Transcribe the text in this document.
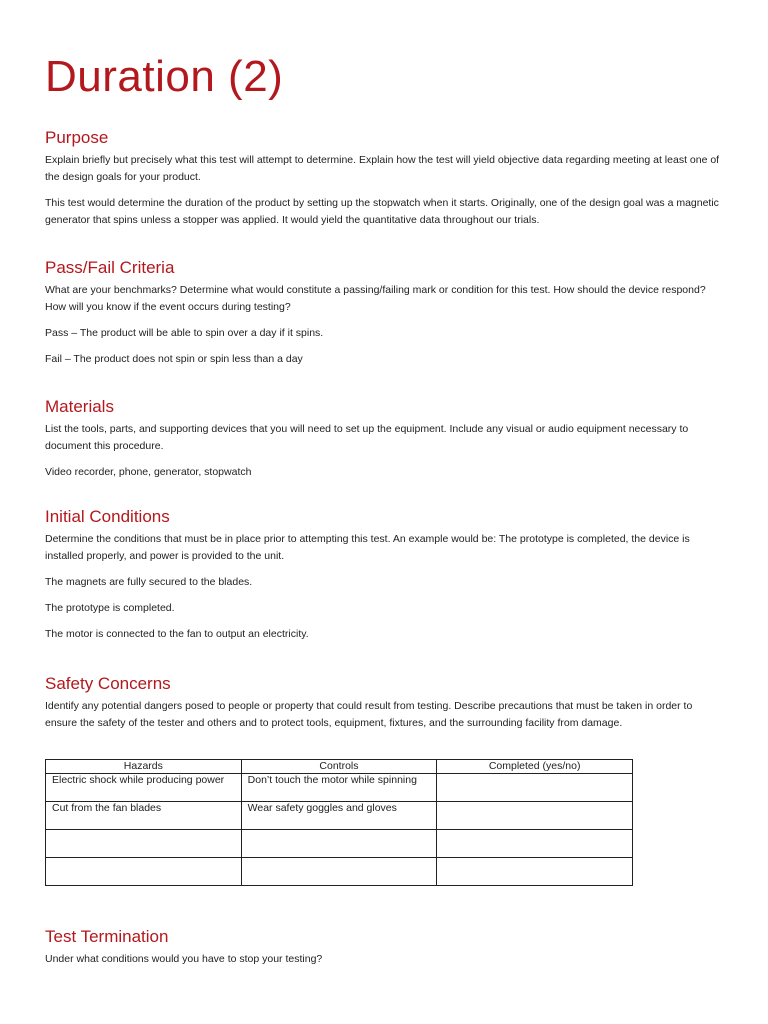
Duration (2)
Purpose

Explain briefly but precisely what this test will attempt to determine. Explain how the test will yield objective data regarding meeting at least one of the design goals for your product.

This test would determine the duration of the product by setting up the stopwatch when it starts. Originally, one of the design goal was a magnetic generator that spins unless a stopper was applied. It would yield the quantitative data throughout our trials.

Pass/Fail Criteria

What are your benchmarks? Determine what would constitute a passing/failing mark or condition for this test. How should the device respond? How will you know if the event occurs during testing?

Pass – The product will be able to spin over a day if it spins.

Fail – The product does not spin or spin less than a day

Materials

List the tools, parts, and supporting devices that you will need to set up the equipment. Include any visual or audio equipment necessary to document this procedure.

Video recorder, phone, generator, stopwatch

Initial Conditions

Determine the conditions that must be in place prior to attempting this test. An example would be: The prototype is completed, the device is installed properly, and power is provided to the unit.

The magnets are fully secured to the blades.

The prototype is completed.

The motor is connected to the fan to output an electricity.

Safety Concerns

Identify any potential dangers posed to people or property that could result from testing. Describe precautions that must be taken in order to ensure the safety of the tester and others and to protect tools, equipment, fixtures, and the surrounding facility from damage.

Hazards	Controls	Completed (yes/no)
Electric shock while producing power	Don’t touch the motor while spinning	
Cut from the fan blades	Wear safety goggles and gloves	

Test Termination

Under what conditions would you have to stop your testing?
